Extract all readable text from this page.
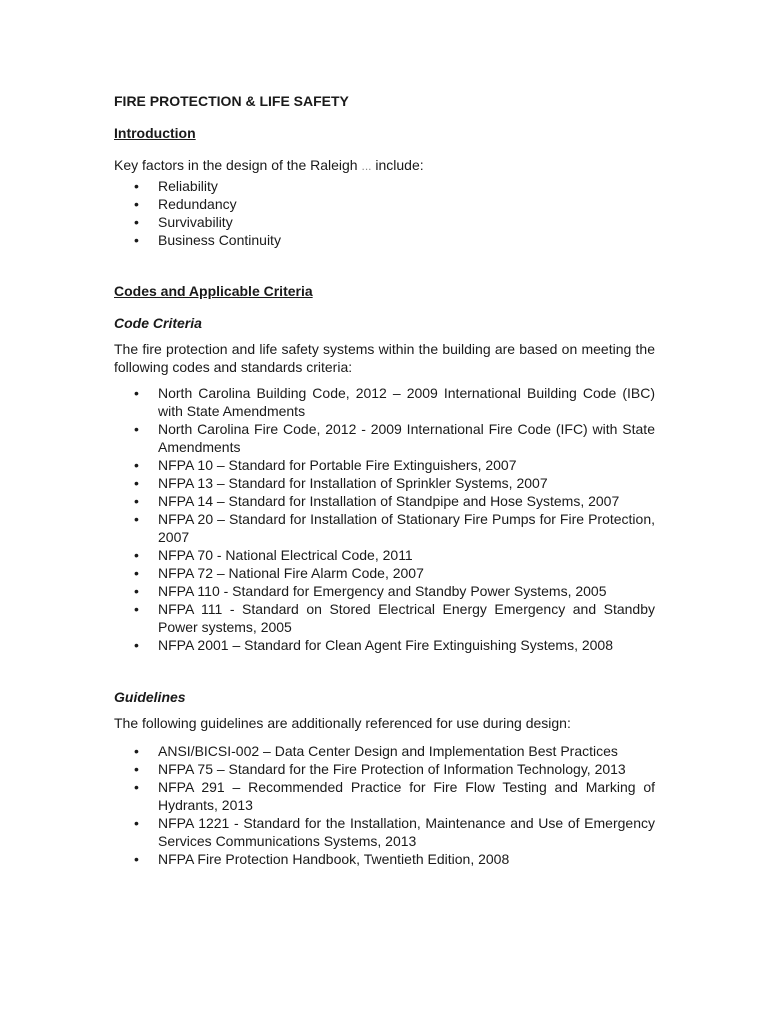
FIRE PROTECTION & LIFE SAFETY
Introduction

Key factors in the design of the Raleigh ... include:

• Reliability
• Redundancy
• Survivability
• Business Continuity
Codes and Applicable Criteria
Code Criteria

The fire protection and life safety systems within the building are based on meeting the following codes and standards criteria:

• North Carolina Building Code, 2012 – 2009 International Building Code (IBC) with State Amendments
• North Carolina Fire Code, 2012 - 2009 International Fire Code (IFC) with State Amendments
• NFPA 10 – Standard for Portable Fire Extinguishers, 2007
• NFPA 13 – Standard for Installation of Sprinkler Systems, 2007
• NFPA 14 – Standard for Installation of Standpipe and Hose Systems, 2007
• NFPA 20 – Standard for Installation of Stationary Fire Pumps for Fire Protection, 2007
• NFPA 70 - National Electrical Code, 2011
• NFPA 72 – National Fire Alarm Code, 2007
• NFPA 110 - Standard for Emergency and Standby Power Systems, 2005
• NFPA 111 - Standard on Stored Electrical Energy Emergency and Standby Power systems, 2005
• NFPA 2001 – Standard for Clean Agent Fire Extinguishing Systems, 2008
Guidelines

The following guidelines are additionally referenced for use during design:

• ANSI/BICSI-002 – Data Center Design and Implementation Best Practices
• NFPA 75 – Standard for the Fire Protection of Information Technology, 2013
• NFPA 291 – Recommended Practice for Fire Flow Testing and Marking of Hydrants, 2013
• NFPA 1221 - Standard for the Installation, Maintenance and Use of Emergency Services Communications Systems, 2013
• NFPA Fire Protection Handbook, Twentieth Edition, 2008
